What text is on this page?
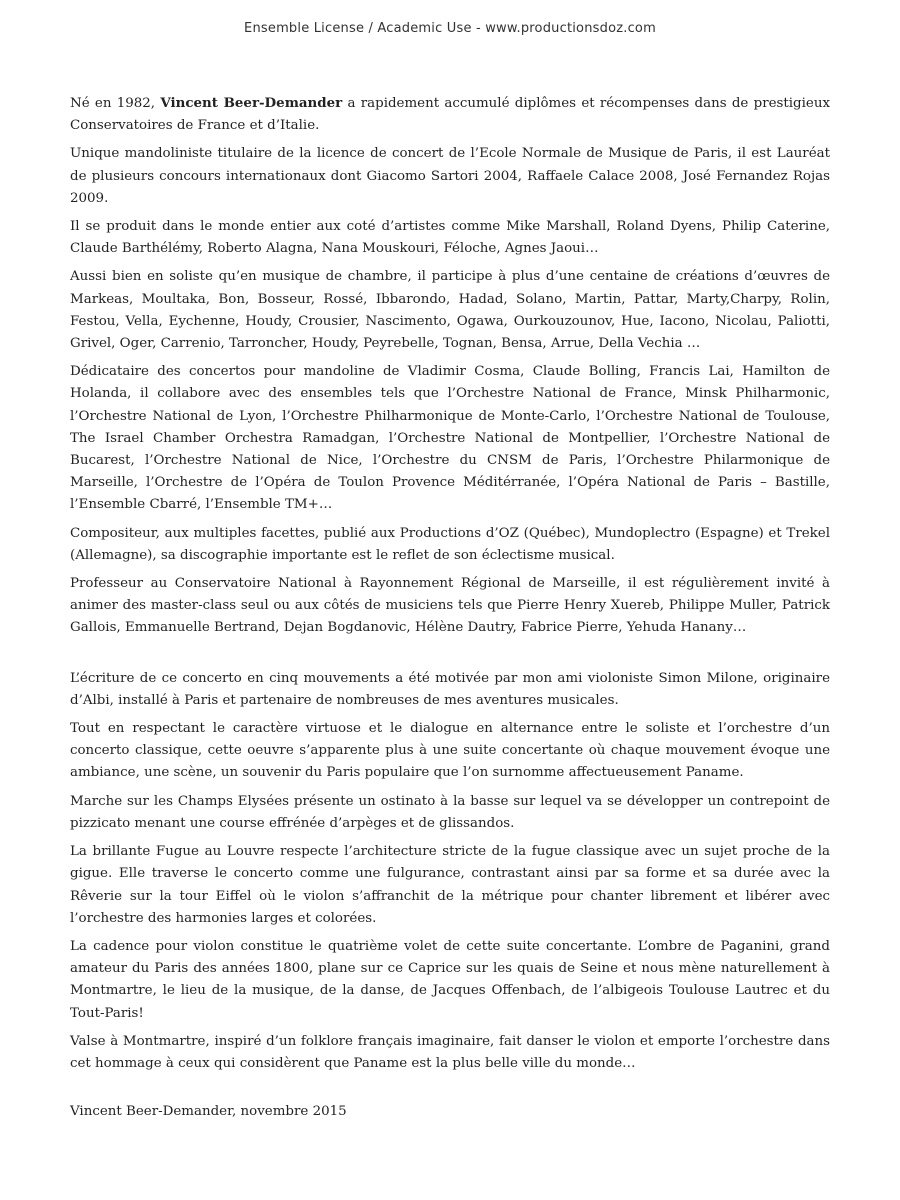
Ensemble License / Academic Use - www.productionsdoz.com

Né en 1982, Vincent Beer-Demander a rapidement accumulé diplômes et récompenses dans de prestigieux Conservatoires de France et d’Italie.

Unique mandoliniste titulaire de la licence de concert de l’Ecole Normale de Musique de Paris, il est Lauréat de plusieurs concours internationaux dont Giacomo Sartori 2004, Raffaele Calace 2008, José Fernandez Rojas 2009.

Il se produit dans le monde entier aux coté d’artistes comme Mike Marshall, Roland Dyens, Philip Caterine, Claude Barthélémy, Roberto Alagna, Nana Mouskouri, Féloche, Agnes Jaoui…

Aussi bien en soliste qu’en musique de chambre, il participe à plus d’une centaine de créations d’œuvres de Markeas, Moultaka, Bon, Bosseur, Rossé, Ibbarondo, Hadad, Solano, Martin, Pattar, Marty,Charpy, Rolin, Festou, Vella, Eychenne, Houdy, Crousier, Nascimento, Ogawa, Ourkouzounov, Hue, Iacono, Nicolau, Paliotti, Grivel, Oger, Carrenio, Tarroncher, Houdy, Peyrebelle, Tognan, Bensa, Arrue, Della Vechia …

Dédicataire des concertos pour mandoline de Vladimir Cosma, Claude Bolling, Francis Lai, Hamilton de Holanda, il collabore avec des ensembles tels que l’Orchestre National de France, Minsk Philharmonic, l’Orchestre National de Lyon, l’Orchestre Philharmonique de Monte-Carlo, l’Orchestre National de Toulouse, The Israel Chamber Orchestra Ramadgan, l’Orchestre National de Montpellier, l’Orchestre National de Bucarest, l’Orchestre National de Nice, l’Orchestre du CNSM de Paris, l’Orchestre Philarmonique de Marseille, l’Orchestre de l’Opéra de Toulon Provence Méditérranée, l’Opéra National de Paris – Bastille, l’Ensemble Cbarré, l’Ensemble TM+…

Compositeur, aux multiples facettes, publié aux Productions d’OZ (Québec), Mundoplectro (Espagne) et Trekel (Allemagne), sa discographie importante est le reflet de son éclectisme musical.

Professeur au Conservatoire National à Rayonnement Régional de Marseille, il est régulièrement invité à animer des master-class seul ou aux côtés de musiciens tels que Pierre Henry Xuereb, Philippe Muller, Patrick Gallois, Emmanuelle Bertrand, Dejan Bogdanovic, Hélène Dautry, Fabrice Pierre, Yehuda Hanany…

L’écriture de ce concerto en cinq mouvements a été motivée par mon ami violoniste Simon Milone, originaire d’Albi, installé à Paris et partenaire de nombreuses de mes aventures musicales.

Tout en respectant le caractère virtuose et le dialogue en alternance entre le soliste et l’orchestre d’un concerto classique, cette oeuvre s’apparente plus à une suite concertante où chaque mouvement évoque une ambiance, une scène, un souvenir du Paris populaire que l’on surnomme affectueusement Paname.

Marche sur les Champs Elysées présente un ostinato à la basse sur lequel va se développer un contrepoint de pizzicato menant une course effrénée d’arpèges et de glissandos.

La brillante Fugue au Louvre respecte l’architecture stricte de la fugue classique avec un sujet proche de la gigue. Elle traverse le concerto comme une fulgurance, contrastant ainsi par sa forme et sa durée avec la Rêverie sur la tour Eiffel où le violon s’affranchit de la métrique pour chanter librement et libérer avec l’orchestre des harmonies larges et colorées.

La cadence pour violon constitue le quatrième volet de cette suite concertante. L’ombre de Paganini, grand amateur du Paris des années 1800, plane sur ce Caprice sur les quais de Seine et nous mène naturellement à Montmartre, le lieu de la musique, de la danse, de Jacques Offenbach, de l’albigeois Toulouse Lautrec et du Tout-Paris!

Valse à Montmartre, inspiré d’un folklore français imaginaire, fait danser le violon et emporte l’orchestre dans cet hommage à ceux qui considèrent que Paname est la plus belle ville du monde…

Vincent Beer-Demander, novembre 2015
